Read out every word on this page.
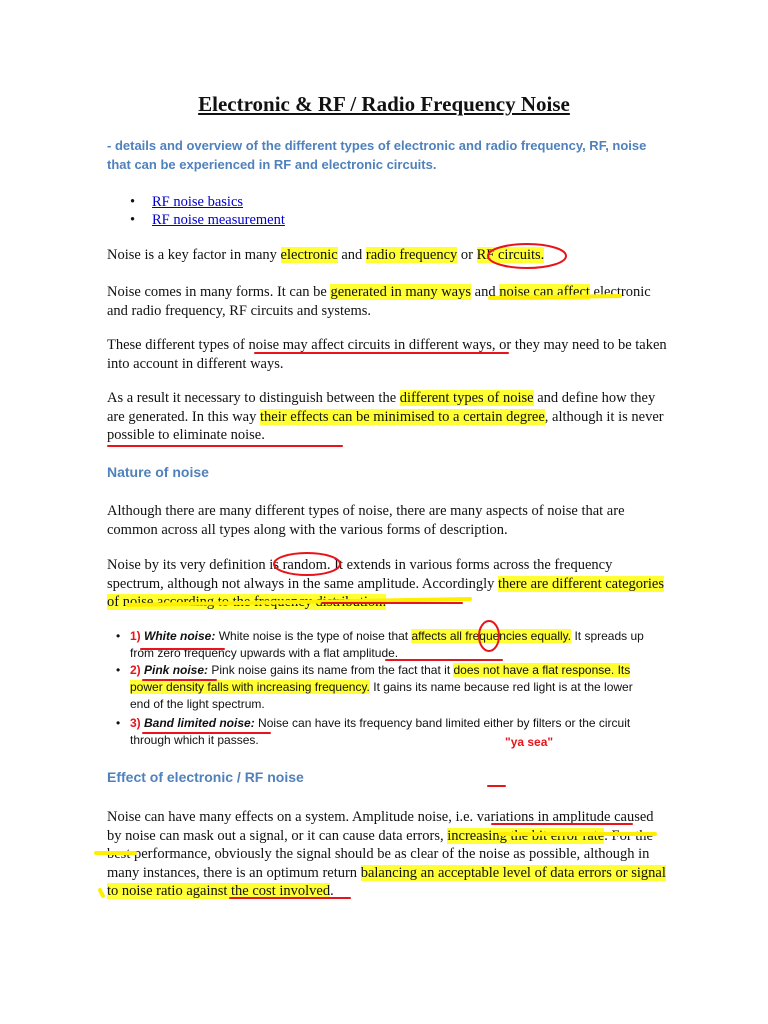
Electronic & RF / Radio Frequency Noise
- details and overview of the different types of electronic and radio frequency, RF, noise that can be experienced in RF and electronic circuits.
• RF noise basics
• RF noise measurement
Noise is a key factor in many electronic and radio frequency or RF circuits.
Noise comes in many forms. It can be generated in many ways and noise can affect electronic and radio frequency, RF circuits and systems.
These different types of noise may affect circuits in different ways, or they may need to be taken into account in different ways.
As a result it necessary to distinguish between the different types of noise and define how they are generated. In this way their effects can be minimised to a certain degree, although it is never possible to eliminate noise.
Nature of noise
Although there are many different types of noise, there are many aspects of noise that are common across all types along with the various forms of description.
Noise by its very definition is random. It extends in various forms across the frequency spectrum, although not always in the same amplitude. Accordingly there are different categories of noise according to the frequency distribution:
• 1) White noise: White noise is the type of noise that affects all frequencies equally. It spreads up from zero frequency upwards with a flat amplitude.
• 2) Pink noise: Pink noise gains its name from the fact that it does not have a flat response. Its power density falls with increasing frequency. It gains its name because red light is at the lower end of the light spectrum.
• 3) Band limited noise: Noise can have its frequency band limited either by filters or the circuit through which it passes.	"ya sea"
Effect of electronic / RF noise
Noise can have many effects on a system. Amplitude noise, i.e. variations in amplitude caused by noise can mask out a signal, or it can cause data errors, increasing the bit error rate. For the best performance, obviously the signal should be as clear of the noise as possible, although in many instances, there is an optimum return balancing an acceptable level of data errors or signal to noise ratio against the cost involved.
